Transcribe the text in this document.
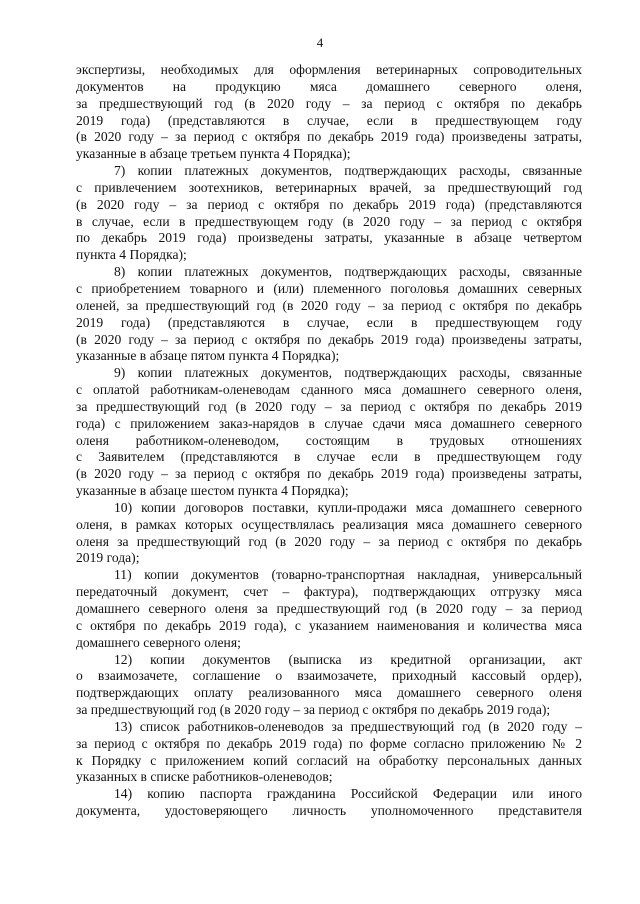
4
экспертизы, необходимых для оформления ветеринарных сопроводительных
документов на продукцию мяса домашнего северного оленя,
за предшествующий год (в 2020 году – за период с октября по декабрь
2019 года) (представляются в случае, если в предшествующем году
(в 2020 году – за период с октября по декабрь 2019 года) произведены затраты,
указанные в абзаце третьем пункта 4 Порядка);
7) копии платежных документов, подтверждающих расходы, связанные
с привлечением зоотехников, ветеринарных врачей, за предшествующий год
(в 2020 году – за период с октября по декабрь 2019 года) (представляются
в случае, если в предшествующем году (в 2020 году – за период с октября
по декабрь 2019 года) произведены затраты, указанные в абзаце четвертом
пункта 4 Порядка);
8) копии платежных документов, подтверждающих расходы, связанные
с приобретением товарного и (или) племенного поголовья домашних северных
оленей, за предшествующий год (в 2020 году – за период с октября по декабрь
2019 года) (представляются в случае, если в предшествующем году
(в 2020 году – за период с октября по декабрь 2019 года) произведены затраты,
указанные в абзаце пятом пункта 4 Порядка);
9) копии платежных документов, подтверждающих расходы, связанные
с оплатой работникам-оленеводам сданного мяса домашнего северного оленя,
за предшествующий год (в 2020 году – за период с октября по декабрь 2019
года) с приложением заказ-нарядов в случае сдачи мяса домашнего северного
оленя работником-оленеводом, состоящим в трудовых отношениях
с Заявителем (представляются в случае если в предшествующем году
(в 2020 году – за период с октября по декабрь 2019 года) произведены затраты,
указанные в абзаце шестом пункта 4 Порядка);
10) копии договоров поставки, купли-продажи мяса домашнего северного
оленя, в рамках которых осуществлялась реализация мяса домашнего северного
оленя за предшествующий год (в 2020 году – за период с октября по декабрь
2019 года);
11) копии документов (товарно-транспортная накладная, универсальный
передаточный документ, счет – фактура), подтверждающих отгрузку мяса
домашнего северного оленя за предшествующий год (в 2020 году – за период
с октября по декабрь 2019 года), с указанием наименования и количества мяса
домашнего северного оленя;
12) копии документов (выписка из кредитной организации, акт
о взаимозачете, соглашение о взаимозачете, приходный кассовый ордер),
подтверждающих оплату реализованного мяса домашнего северного оленя
за предшествующий год (в 2020 году – за период с октября по декабрь 2019 года);
13) список работников-оленеводов за предшествующий год (в 2020 году –
за период с октября по декабрь 2019 года) по форме согласно приложению № 2
к Порядку с приложением копий согласий на обработку персональных данных
указанных в списке работников-оленеводов;
14) копию паспорта гражданина Российской Федерации или иного
документа, удостоверяющего личность уполномоченного представителя
